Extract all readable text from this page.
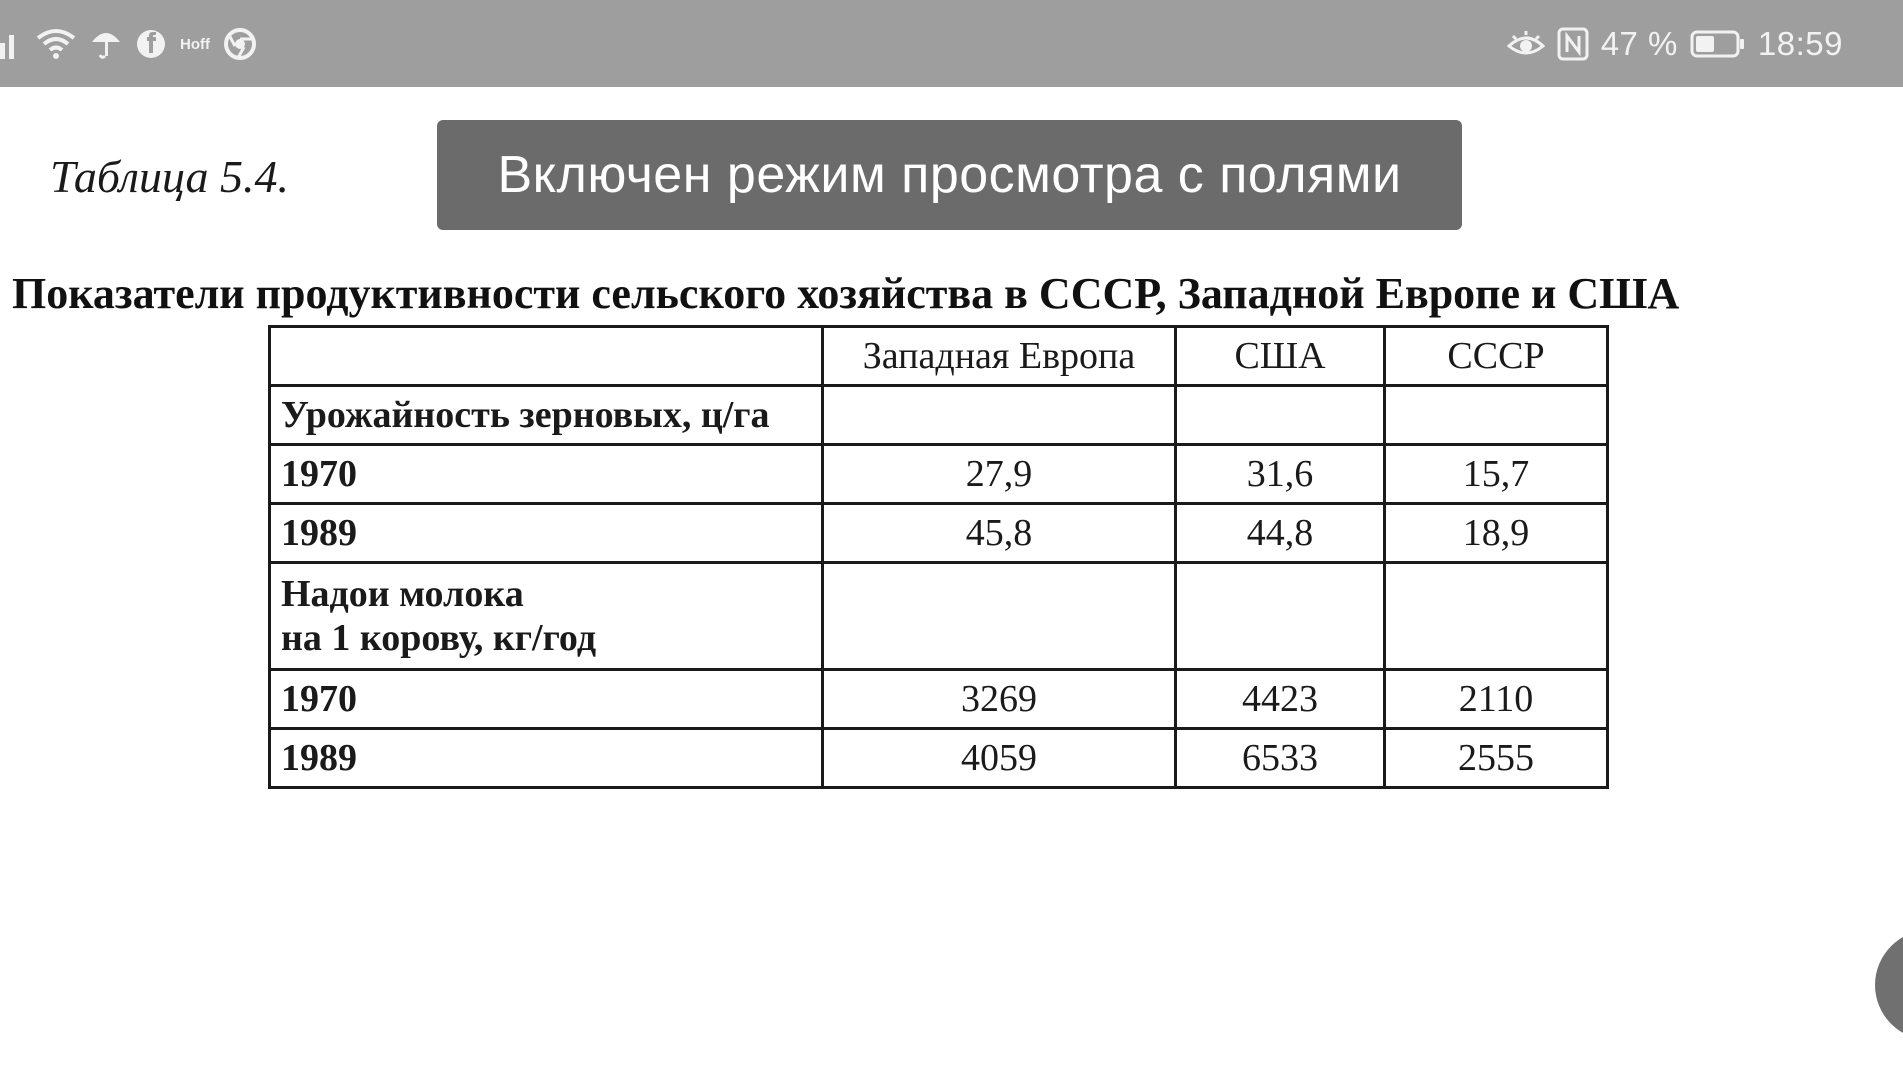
Hoff	47 % 18:59
Таблица 5.4.
Показатели продуктивности сельского хозяйства в СССР, Западной Европе и США
	Западная Европа	США	СССР
Урожайность зерновых, ц/га			
1970	27,9	31,6	15,7
1989	45,8	44,8	18,9

Надои молока
на 1 корову, кг/год			

1970	3269	4423	2110
1989	4059	6533	2555
Включен режим просмотра с полями
